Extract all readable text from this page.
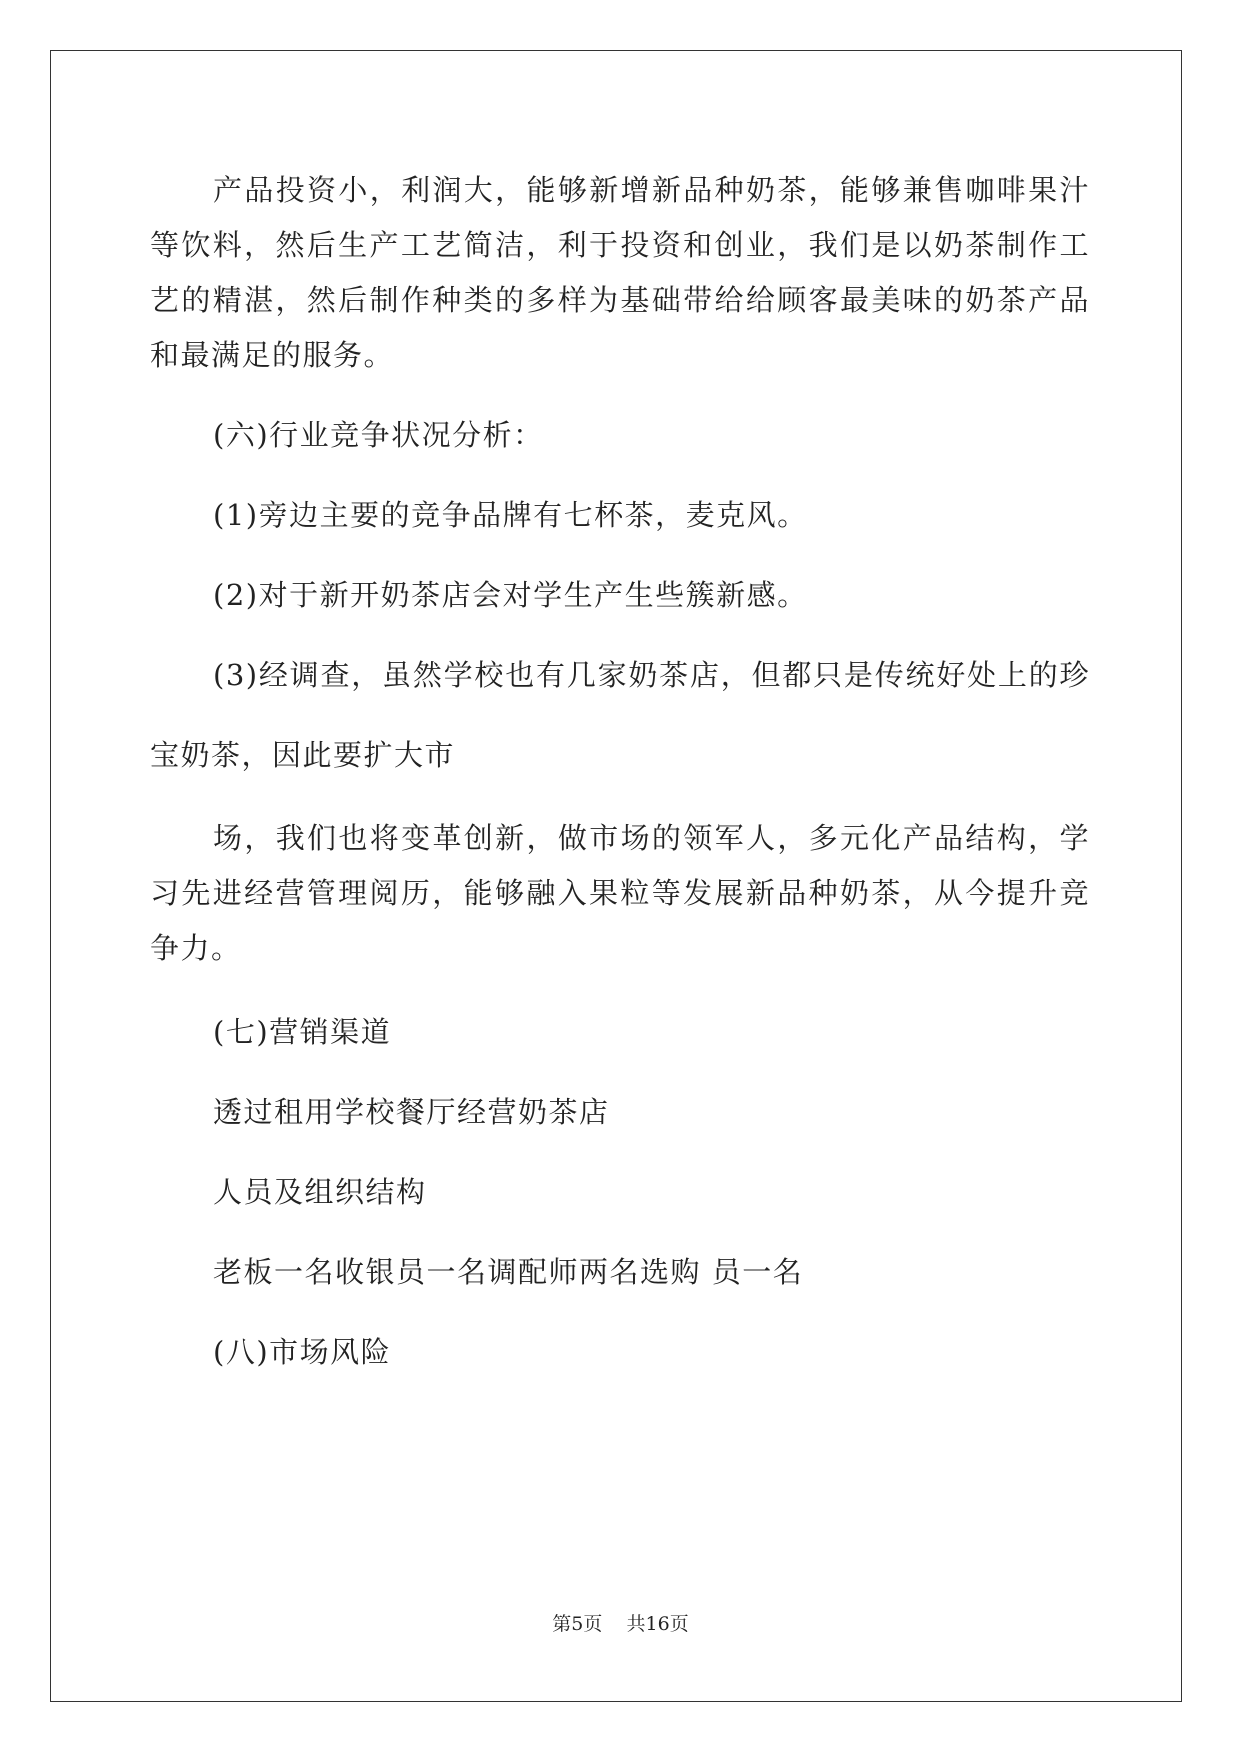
产品投资小，利润大，能够新增新品种奶茶，能够兼售咖啡果汁
等饮料，然后生产工艺简洁，利于投资和创业，我们是以奶茶制作工
艺的精湛，然后制作种类的多样为基础带给给顾客最美味的奶茶产品
和最满足的服务。
(六)行业竞争状况分析：
(1)旁边主要的竞争品牌有七杯茶，麦克风。
(2)对于新开奶茶店会对学生产生些簇新感。
(3)经调查，虽然学校也有几家奶茶店，但都只是传统好处上的珍
宝奶茶，因此要扩大市
场，我们也将变革创新，做市场的领军人，多元化产品结构，学
习先进经营管理阅历，能够融入果粒等发展新品种奶茶，从今提升竞
争力。
(七)营销渠道
透过租用学校餐厅经营奶茶店
人员及组织结构
老板一名收银员一名调配师两名选购 员一名
(八)市场风险
第5页 共16页
